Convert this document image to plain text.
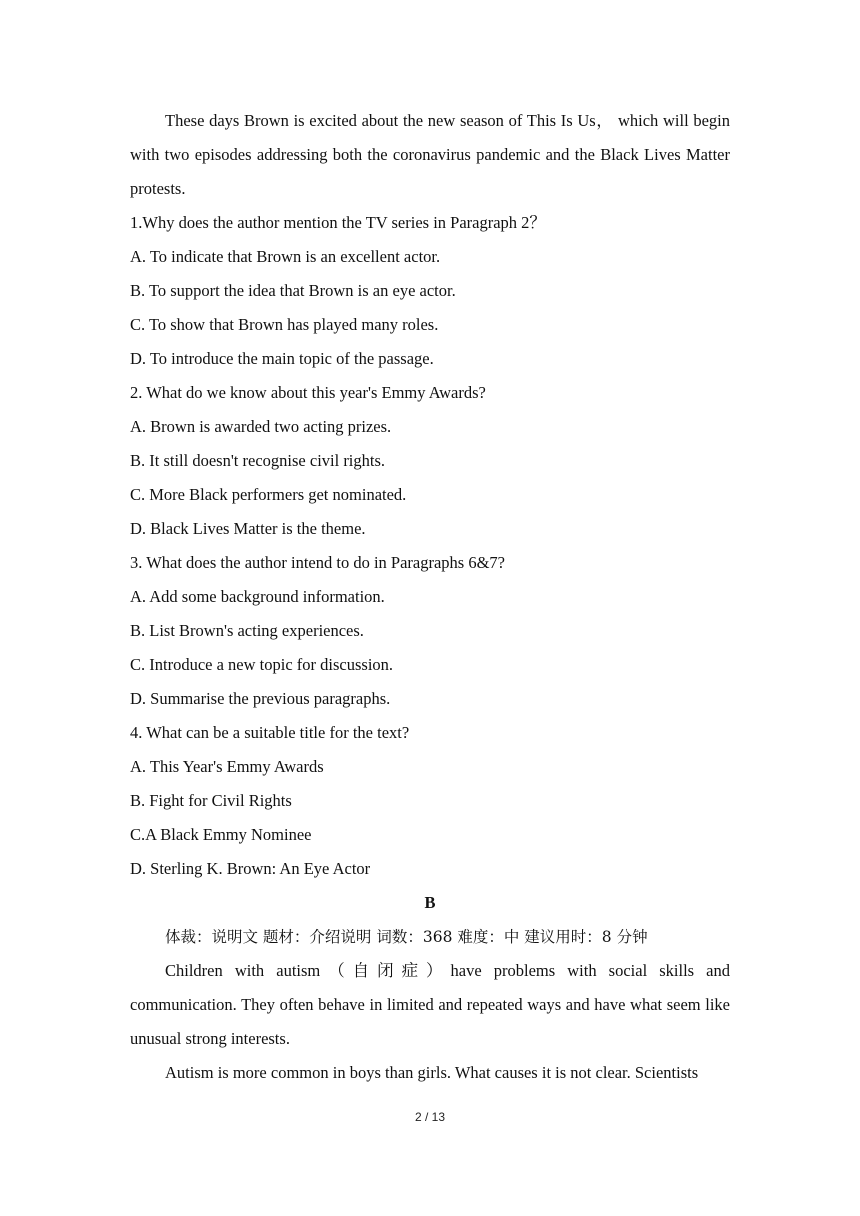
These days Brown is excited about the new season of This Is Us， which will begin with two episodes addressing both the coronavirus pandemic and the Black Lives Matter protests.

1.Why does the author mention the TV series in Paragraph 2？

A. To indicate that Brown is an excellent actor.

B. To support the idea that Brown is an eye actor.

C. To show that Brown has played many roles.

D. To introduce the main topic of the passage.

2. What do we know about this year's Emmy Awards?

A. Brown is awarded two acting prizes.

B. It still doesn't recognise civil rights.

C. More Black performers get nominated.

D. Black Lives Matter is the theme.

3. What does the author intend to do in Paragraphs 6&7?

A. Add some background information.

B. List Brown's acting experiences.

C. Introduce a new topic for discussion.

D. Summarise the previous paragraphs.

4. What can be a suitable title for the text?

A. This Year's Emmy Awards

B. Fight for Civil Rights

C.A Black Emmy Nominee

D. Sterling K. Brown: An Eye Actor

B

体裁：说明文 题材：介绍说明 词数：368 难度：中 建议用时：8 分钟

Children with autism（自闭症）have problems with social skills and communication. They often behave in limited and repeated ways and have what seem like unusual strong interests.

Autism is more common in boys than girls. What causes it is not clear. Scientists

2 / 13
